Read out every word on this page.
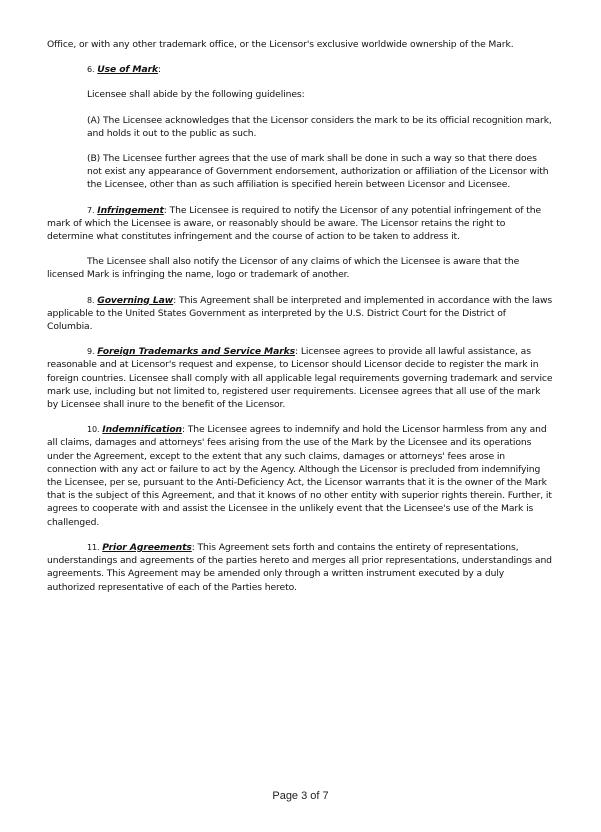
Office, or with any other trademark office, or the Licensor's exclusive worldwide ownership of the Mark.

6. Use of Mark:

Licensee shall abide by the following guidelines:

(A) The Licensee acknowledges that the Licensor considers the mark to be its official recognition mark, and holds it out to the public as such.

(B) The Licensee further agrees that the use of mark shall be done in such a way so that there does not exist any appearance of Government endorsement, authorization or affiliation of the Licensor with the Licensee, other than as such affiliation is specified herein between Licensor and Licensee.

7. Infringement: The Licensee is required to notify the Licensor of any potential infringement of the mark of which the Licensee is aware, or reasonably should be aware. The Licensor retains the right to determine what constitutes infringement and the course of action to be taken to address it.

The Licensee shall also notify the Licensor of any claims of which the Licensee is aware that the licensed Mark is infringing the name, logo or trademark of another.

8. Governing Law: This Agreement shall be interpreted and implemented in accordance with the laws applicable to the United States Government as interpreted by the U.S. District Court for the District of Columbia.

9. Foreign Trademarks and Service Marks: Licensee agrees to provide all lawful assistance, as reasonable and at Licensor's request and expense, to Licensor should Licensor decide to register the mark in foreign countries. Licensee shall comply with all applicable legal requirements governing trademark and service mark use, including but not limited to, registered user requirements. Licensee agrees that all use of the mark by Licensee shall inure to the benefit of the Licensor.

10. Indemnification: The Licensee agrees to indemnify and hold the Licensor harmless from any and all claims, damages and attorneys' fees arising from the use of the Mark by the Licensee and its operations under the Agreement, except to the extent that any such claims, damages or attorneys' fees arose in connection with any act or failure to act by the Agency. Although the Licensor is precluded from indemnifying the Licensee, per se, pursuant to the Anti-Deficiency Act, the Licensor warrants that it is the owner of the Mark that is the subject of this Agreement, and that it knows of no other entity with superior rights therein. Further, it agrees to cooperate with and assist the Licensee in the unlikely event that the Licensee's use of the Mark is challenged.

11. Prior Agreements: This Agreement sets forth and contains the entirety of representations, understandings and agreements of the parties hereto and merges all prior representations, understandings and agreements. This Agreement may be amended only through a written instrument executed by a duly authorized representative of each of the Parties hereto.

Page 3 of 7
